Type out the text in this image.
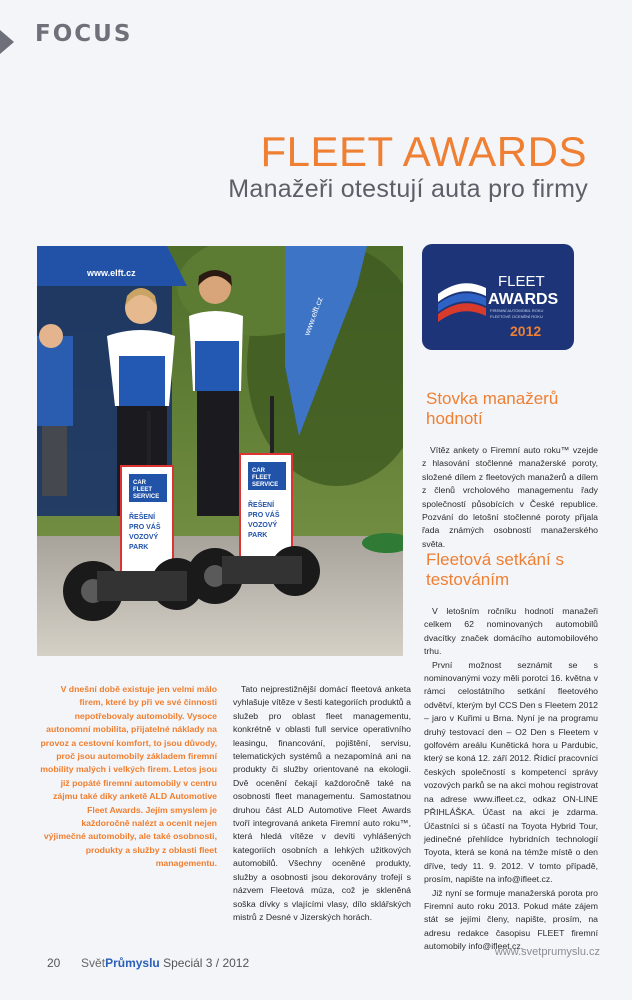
FOCUS
FLEET AWARDS
Manažeři otestují auta pro firmy
www.elft.cz
www.elft.cz
CAR
FLEET
SERVICE
ŘEŠENÍ
PRO VÁŠ
VOZOVÝ
PARK
CAR
FLEET
SERVICE
ŘEŠENÍ
PRO VÁŠ
VOZOVÝ
PARK
FLEET
AWARDS
FIREMNÍ AUTOMOBIL ROKU
FLEETOVÉ OCENĚNÍ ROKU
2012
Stovka manažerů hodnotí

Vítěz ankety o Firemní auto roku™ vzejde z hlasování stočlenné manažerské poroty, složené dílem z fleetových manažerů a dílem z členů vrcholového managementu řady společností působících v České republice. Pozvání do letošní stočlenné poroty přijala řada známých osobností manažerského světa.

Fleetová setkání s testováním

V letošním ročníku hodnotí manažeři celkem 62 nominovaných automobilů dvacítky značek domácího automobilového trhu.

První možnost seznámit se s nominovanými vozy měli porotci 16. května v rámci celostátního setkání fleetového odvětví, kterým byl CCS Den s Fleetem 2012 – jaro v Kuřimi u Brna. Nyní je na programu druhý testovací den – O2 Den s Fleetem v golfovém areálu Kunětická hora u Pardubic, který se koná 12. září 2012. Řídicí pracovníci českých společností s kompetencí správy vozových parků se na akci mohou registrovat na adrese www.ifleet.cz, odkaz ON-LINE PŘIHLÁŠKA. Účast na akci je zdarma. Účastníci si s účastí na Toyota Hybrid Tour, jedinečné přehlídce hybridních technologií Toyota, která se koná na témže místě o den dříve, tedy 11. 9. 2012. V tomto případě, prosím, napište na info@ifleet.cz.

Již nyní se formuje manažerská porota pro Firemní auto roku 2013. Pokud máte zájem stát se jejími členy, napište, prosím, na adresu redakce časopisu FLEET firemní automobily info@ifleet.cz.

V dnešní době existuje jen velmi málo firem, které by při ve své činnosti nepotřebovaly automobily. Vysoce autonomní mobilita, přijatelné náklady na provoz a cestovní komfort, to jsou důvody, proč jsou automobily základem firemní mobility malých i velkých firem. Letos jsou již popáté firemní automobily v centru zájmu také díky anketě ALD Automotive Fleet Awards. Jejím smyslem je každoročně nalézt a ocenit nejen výjimečné automobily, ale také osobnosti, produkty a služby z oblasti fleet managementu.

Tato nejprestižnější domácí fleetová anketa vyhlašuje vítěze v šesti kategoriích produktů a služeb pro oblast fleet managementu, konkrétně v oblasti full service operativního leasingu, financování, pojištění, servisu, telematických systémů a nezapomíná ani na produkty či služby orientované na ekologii. Dvě ocenění čekají každoročně také na osobnosti fleet managementu. Samostatnou druhou část ALD Automotive Fleet Awards tvoří integrovaná anketa Firemní auto roku™, která hledá vítěze v devíti vyhlášených kategoriích osobních a lehkých užitkových automobilů. Všechny oceněné produkty, služby a osobnosti jsou dekorovány trofejí s názvem Fleetová múza, což je skleněná soška dívky s vlajícími vlasy, dílo sklářských mistrů z Desné v Jizerských horách.

20 SvětPrůmyslu Speciál 3 / 2012
www.svetprumyslu.cz
